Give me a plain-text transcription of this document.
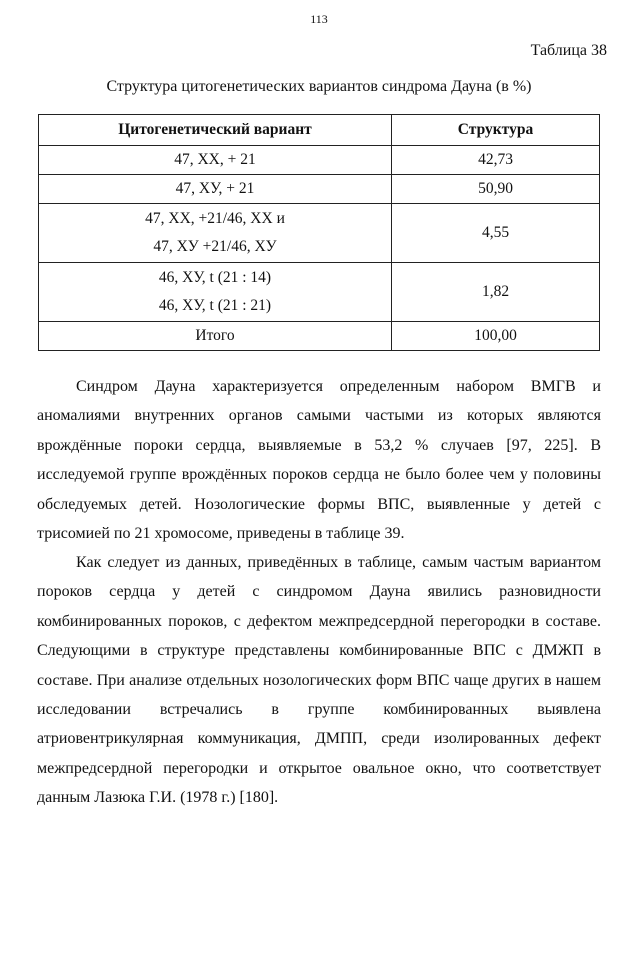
113
Таблица 38
Структура цитогенетических вариантов синдрома Дауна (в %)
Цитогенетический вариант	Структура

47, ХХ, + 21	42,73

47, ХУ, + 21	50,90

47, ХХ, +21/46, ХХ и
47, ХУ +21/46, ХУ	4,55

46, ХУ, t (21 : 14)
46, ХУ, t (21 : 21)	1,82

Итого	100,00

Синдром Дауна характеризуется определенным набором ВМГВ и аномалиями внутренних органов самыми частыми из которых являются врождённые пороки сердца, выявляемые в 53,2 % случаев [97, 225]. В исследуемой группе врождённых пороков сердца не было более чем у половины обследуемых детей. Нозологические формы ВПС, выявленные у детей с трисомией по 21 хромосоме, приведены в таблице 39.

Как следует из данных, приведённых в таблице, самым частым вариантом пороков сердца у детей с синдромом Дауна явились разновидности комбинированных пороков, с дефектом межпредсердной перегородки в составе. Следующими в структуре представлены комбинированные ВПС с ДМЖП в составе. При анализе отдельных нозологических форм ВПС чаще других в нашем исследовании встречались в группе комбинированных выявлена атриовентрикулярная коммуникация, ДМПП, среди изолированных дефект межпредсердной перегородки и открытое овальное окно, что соответствует данным Лазюка Г.И. (1978 г.) [180].
